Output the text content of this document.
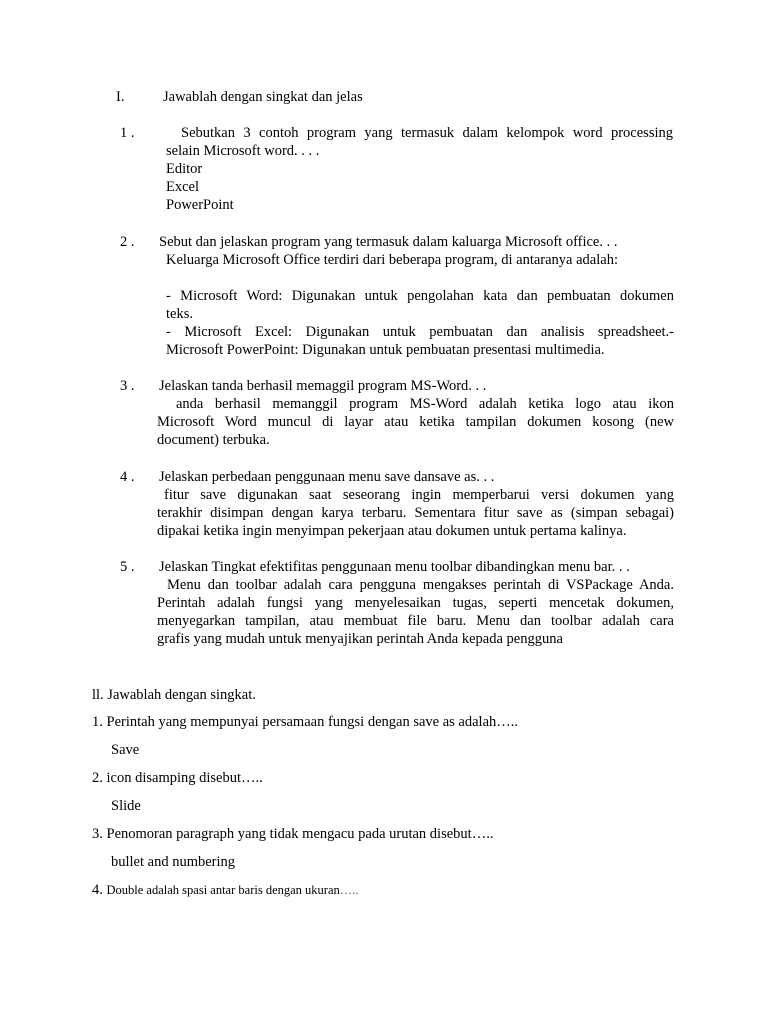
I.	Jawablah dengan singkat dan jelas
1 .	Sebutkan 3 contoh program yang termasuk dalam kelompok word processing
selain Microsoft word. . . .
Editor
Excel
PowerPoint
2 . Sebut dan jelaskan program yang termasuk dalam kaluarga Microsoft office. . .
Keluarga Microsoft Office terdiri dari beberapa program, di antaranya adalah:
- Microsoft Word: Digunakan untuk pengolahan kata dan pembuatan dokumen
teks.
- Microsoft Excel: Digunakan untuk pembuatan dan analisis spreadsheet.-
Microsoft PowerPoint: Digunakan untuk pembuatan presentasi multimedia.
3 . Jelaskan tanda berhasil memaggil program MS-Word. . .
anda berhasil memanggil program MS-Word adalah ketika logo atau ikon
Microsoft Word muncul di layar atau ketika tampilan dokumen kosong (new
document) terbuka.
4 . Jelaskan perbedaan penggunaan menu save dansave as. . .
fitur save digunakan saat seseorang ingin memperbarui versi dokumen yang
terakhir disimpan dengan karya terbaru. Sementara fitur save as (simpan sebagai)
dipakai ketika ingin menyimpan pekerjaan atau dokumen untuk pertama kalinya.
5 . Jelaskan Tingkat efektifitas penggunaan menu toolbar dibandingkan menu bar. . .
Menu dan toolbar adalah cara pengguna mengakses perintah di VSPackage Anda.
Perintah adalah fungsi yang menyelesaikan tugas, seperti mencetak dokumen,
menyegarkan tampilan, atau membuat file baru. Menu dan toolbar adalah cara
grafis yang mudah untuk menyajikan perintah Anda kepada pengguna
ll. Jawablah dengan singkat.
1. Perintah yang mempunyai persamaan fungsi dengan save as adalah…..
Save
2. icon disamping disebut…..
Slide
3. Penomoran paragraph yang tidak mengacu pada urutan disebut…..
bullet and numbering
4. Double adalah spasi antar baris dengan ukuran…..
